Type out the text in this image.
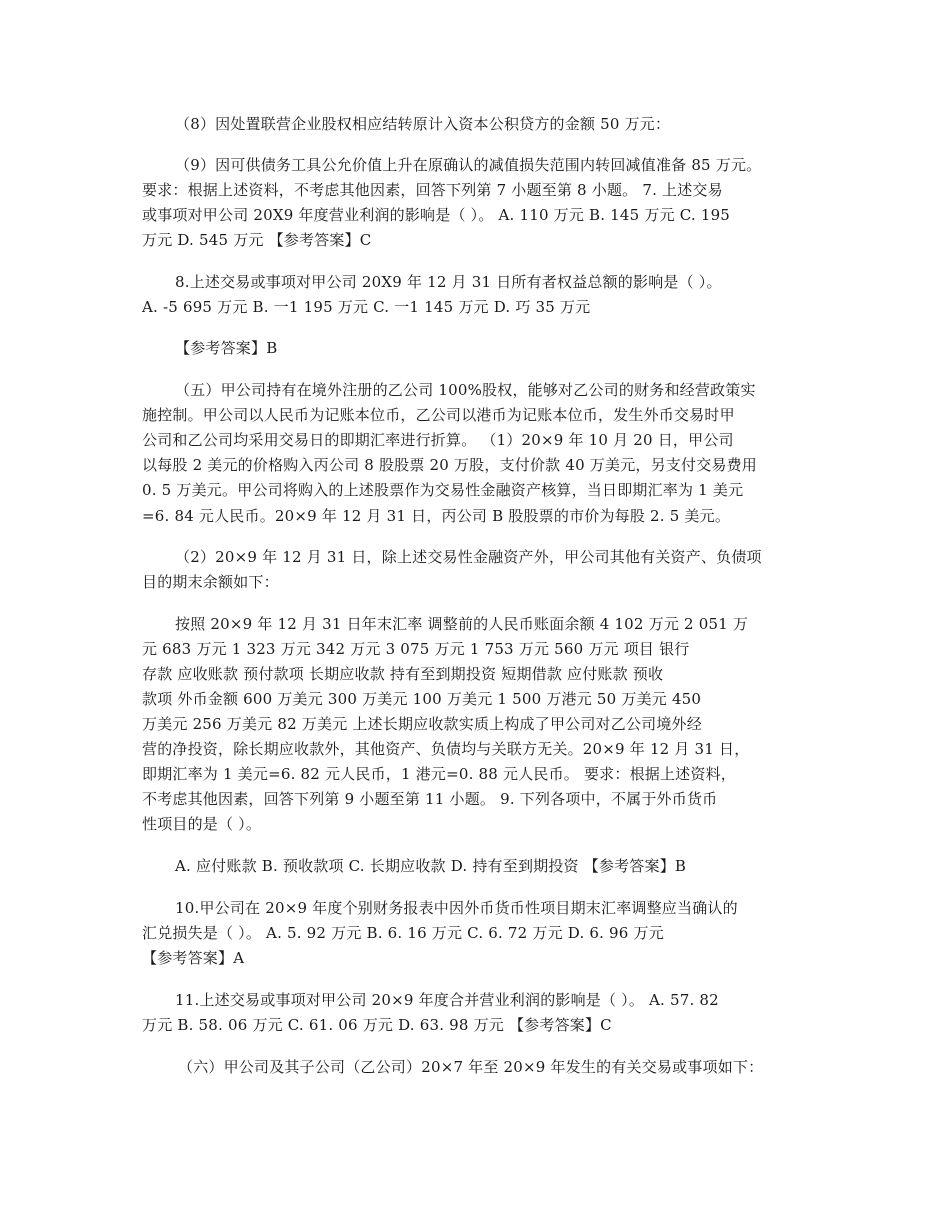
（8）因处置联营企业股权相应结转原计入资本公积贷方的金额 50 万元：
（9）因可供债务工具公允价值上升在原确认的减值损失范围内转回减值准备 85 万元。
要求：根据上述资料，不考虑其他因素，回答下列第 7 小题至第 8 小题。 7. 上述交易
或事项对甲公司 20X9 年度营业利润的影响是（ ）。 A. 110 万元 B. 145 万元 C. 195
万元 D. 545 万元 【参考答案】C
8.上述交易或事项对甲公司 20X9 年 12 月 31 日所有者权益总额的影响是（ ）。
A. -5 695 万元 B. 一1 195 万元 C. 一1 145 万元 D. 巧 35 万元
【参考答案】B
（五）甲公司持有在境外注册的乙公司 100%股权，能够对乙公司的财务和经营政策实
施控制。甲公司以人民币为记账本位币，乙公司以港币为记账本位币，发生外币交易时甲
公司和乙公司均采用交易日的即期汇率进行折算。 （1）20×9 年 10 月 20 日，甲公司
以每股 2 美元的价格购入丙公司 8 股股票 20 万股，支付价款 40 万美元，另支付交易费用
0. 5 万美元。甲公司将购入的上述股票作为交易性金融资产核算，当日即期汇率为 1 美元
=6. 84 元人民币。20×9 年 12 月 31 日，丙公司 B 股股票的市价为每股 2. 5 美元。
（2）20×9 年 12 月 31 日，除上述交易性金融资产外，甲公司其他有关资产、负债项
目的期末余额如下：
按照 20×9 年 12 月 31 日年末汇率 调整前的人民币账面余额 4 102 万元 2 051 万
元 683 万元 1 323 万元 342 万元 3 075 万元 1 753 万元 560 万元 项目 银行
存款 应收账款 预付款项 长期应收款 持有至到期投资 短期借款 应付账款 预收
款项 外币金额 600 万美元 300 万美元 100 万美元 1 500 万港元 50 万美元 450
万美元 256 万美元 82 万美元 上述长期应收款实质上构成了甲公司对乙公司境外经
营的净投资，除长期应收款外，其他资产、负债均与关联方无关。20×9 年 12 月 31 日，
即期汇率为 1 美元=6. 82 元人民币，1 港元=0. 88 元人民币。 要求：根据上述资料，
不考虑其他因素，回答下列第 9 小题至第 11 小题。 9. 下列各项中，不属于外币货币
性项目的是（ ）。
A. 应付账款 B. 预收款项 C. 长期应收款 D. 持有至到期投资 【参考答案】B
10.甲公司在 20×9 年度个别财务报表中因外币货币性项目期末汇率调整应当确认的
汇兑损失是（ ）。 A. 5. 92 万元 B. 6. 16 万元 C. 6. 72 万元 D. 6. 96 万元
【参考答案】A
11.上述交易或事项对甲公司 20×9 年度合并营业利润的影响是（ ）。 A. 57. 82
万元 B. 58. 06 万元 C. 61. 06 万元 D. 63. 98 万元 【参考答案】C
（六）甲公司及其子公司（乙公司）20×7 年至 20×9 年发生的有关交易或事项如下：
